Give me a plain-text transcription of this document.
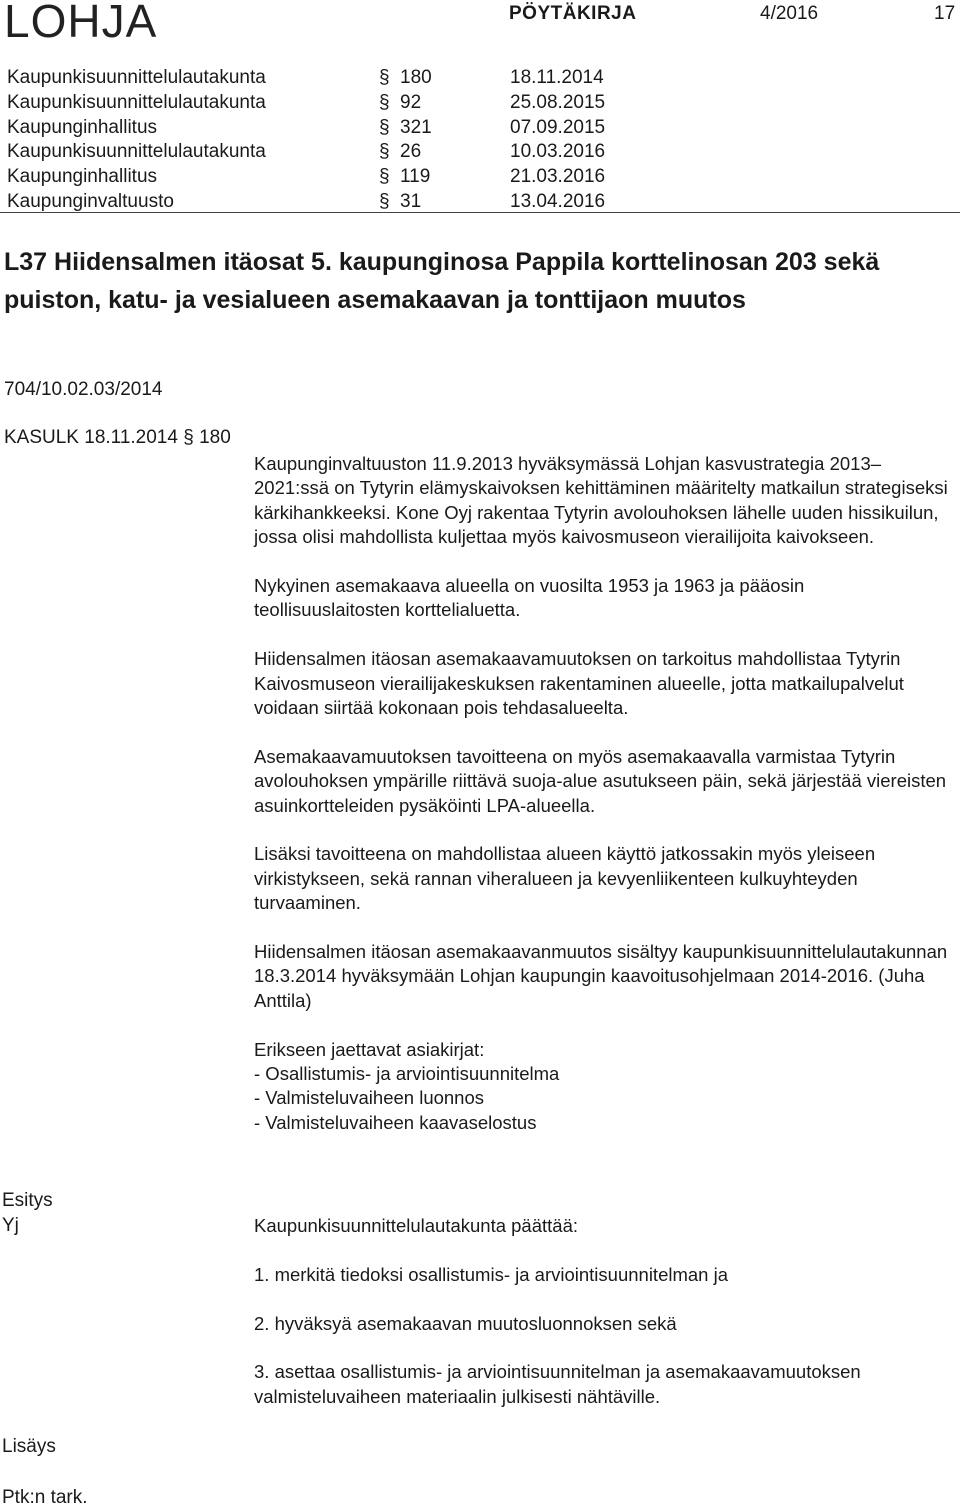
LOHJA	PÖYTÄKIRJA	4/2016	17
Kaupunkisuunnittelulautakunta	§ 180	18.11.2014
Kaupunkisuunnittelulautakunta	§ 92	25.08.2015
Kaupunginhallitus	§ 321	07.09.2015
Kaupunkisuunnittelulautakunta	§ 26	10.03.2016
Kaupunginhallitus	§ 119	21.03.2016
Kaupunginvaltuusto	§ 31	13.04.2016
L37 Hiidensalmen itäosat 5. kaupunginosa Pappila korttelinosan 203 sekä puiston, katu- ja vesialueen asemakaavan ja tonttijaon muutos
704/10.02.03/2014
KASULK 18.11.2014 § 180

Kaupunginvaltuuston 11.9.2013 hyväksymässä Lohjan kasvustrategia 2013–2021:ssä on Tytyrin elämyskaivoksen kehittäminen määritelty matkailun strategiseksi kärkihankkeeksi. Kone Oyj rakentaa Tytyrin avolouhoksen lähelle uuden hissikuilun, jossa olisi mahdollista kuljettaa myös kaivosmuseon vierailijoita kaivokseen.

Nykyinen asemakaava alueella on vuosilta 1953 ja 1963 ja pääosin teollisuuslaitosten korttelialuetta.

Hiidensalmen itäosan asemakaavamuutoksen on tarkoitus mahdollistaa Tytyrin Kaivosmuseon vierailijakeskuksen rakentaminen alueelle, jotta matkailupalvelut voidaan siirtää kokonaan pois tehdasalueelta.

Asemakaavamuutoksen tavoitteena on myös asemakaavalla varmistaa Tytyrin avolouhoksen ympärille riittävä suoja-alue asutukseen päin, sekä järjestää viereisten asuinkortteleiden pysäköinti LPA-alueella.

Lisäksi tavoitteena on mahdollistaa alueen käyttö jatkossakin myös yleiseen virkistykseen, sekä rannan viheralueen ja kevyenliikenteen kulkuyhteyden turvaaminen.

Hiidensalmen itäosan asemakaavanmuutos sisältyy kaupunkisuunnittelulautakunnan 18.3.2014 hyväksymään Lohjan kaupungin kaavoitusohjelmaan 2014-2016. (Juha Anttila)

Erikseen jaettavat asiakirjat:
- Osallistumis- ja arviointisuunnitelma
- Valmisteluvaiheen luonnos
- Valmisteluvaiheen kaavaselostus
Esitys
Yj	Kaupunkisuunnittelulautakunta päättää:

1. merkitä tiedoksi osallistumis- ja arviointisuunnitelman ja

2. hyväksyä asemakaavan muutosluonnoksen sekä

3. asettaa osallistumis- ja arviointisuunnitelman ja asemakaavamuutoksen valmisteluvaiheen materiaalin julkisesti nähtäville.

Lisäys
Ptk:n tark.
